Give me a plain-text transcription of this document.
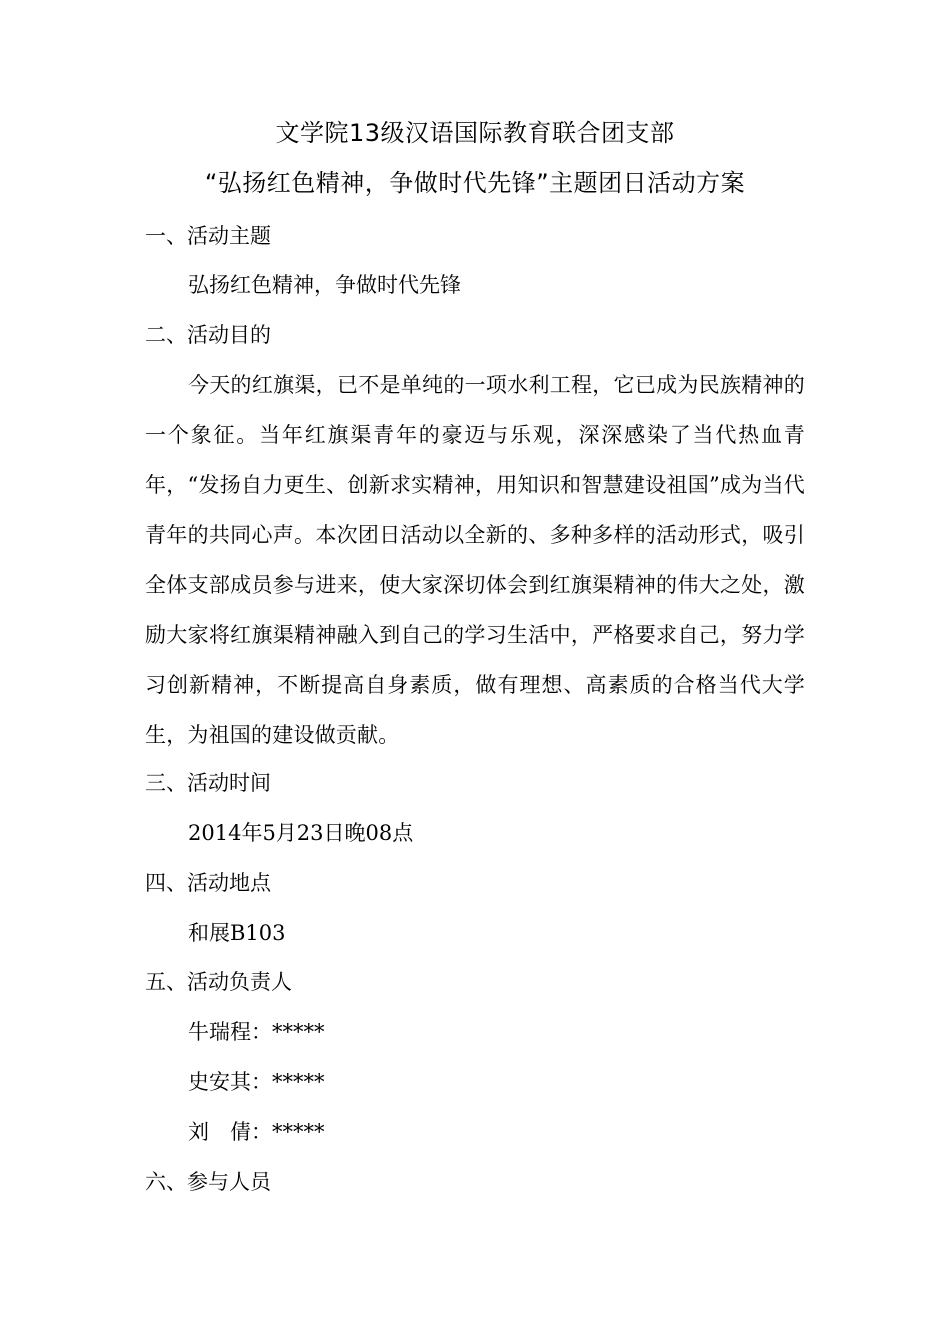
文学院13级汉语国际教育联合团支部
“弘扬红色精神，争做时代先锋”主题团日活动方案
一、活动主题
弘扬红色精神，争做时代先锋
二、活动目的
今天的红旗渠，已不是单纯的一项水利工程，它已成为民族精神的一个象征。当年红旗渠青年的豪迈与乐观，深深感染了当代热血青年，“发扬自力更生、创新求实精神，用知识和智慧建设祖国”成为当代青年的共同心声。本次团日活动以全新的、多种多样的活动形式，吸引全体支部成员参与进来，使大家深切体会到红旗渠精神的伟大之处，激励大家将红旗渠精神融入到自己的学习生活中，严格要求自己，努力学习创新精神，不断提高自身素质，做有理想、高素质的合格当代大学生，为祖国的建设做贡献。
三、活动时间
2014年5月23日晚08点
四、活动地点
和展B103
五、活动负责人
牛瑞程：*****
史安其：*****
刘　倩：*****
六、参与人员
